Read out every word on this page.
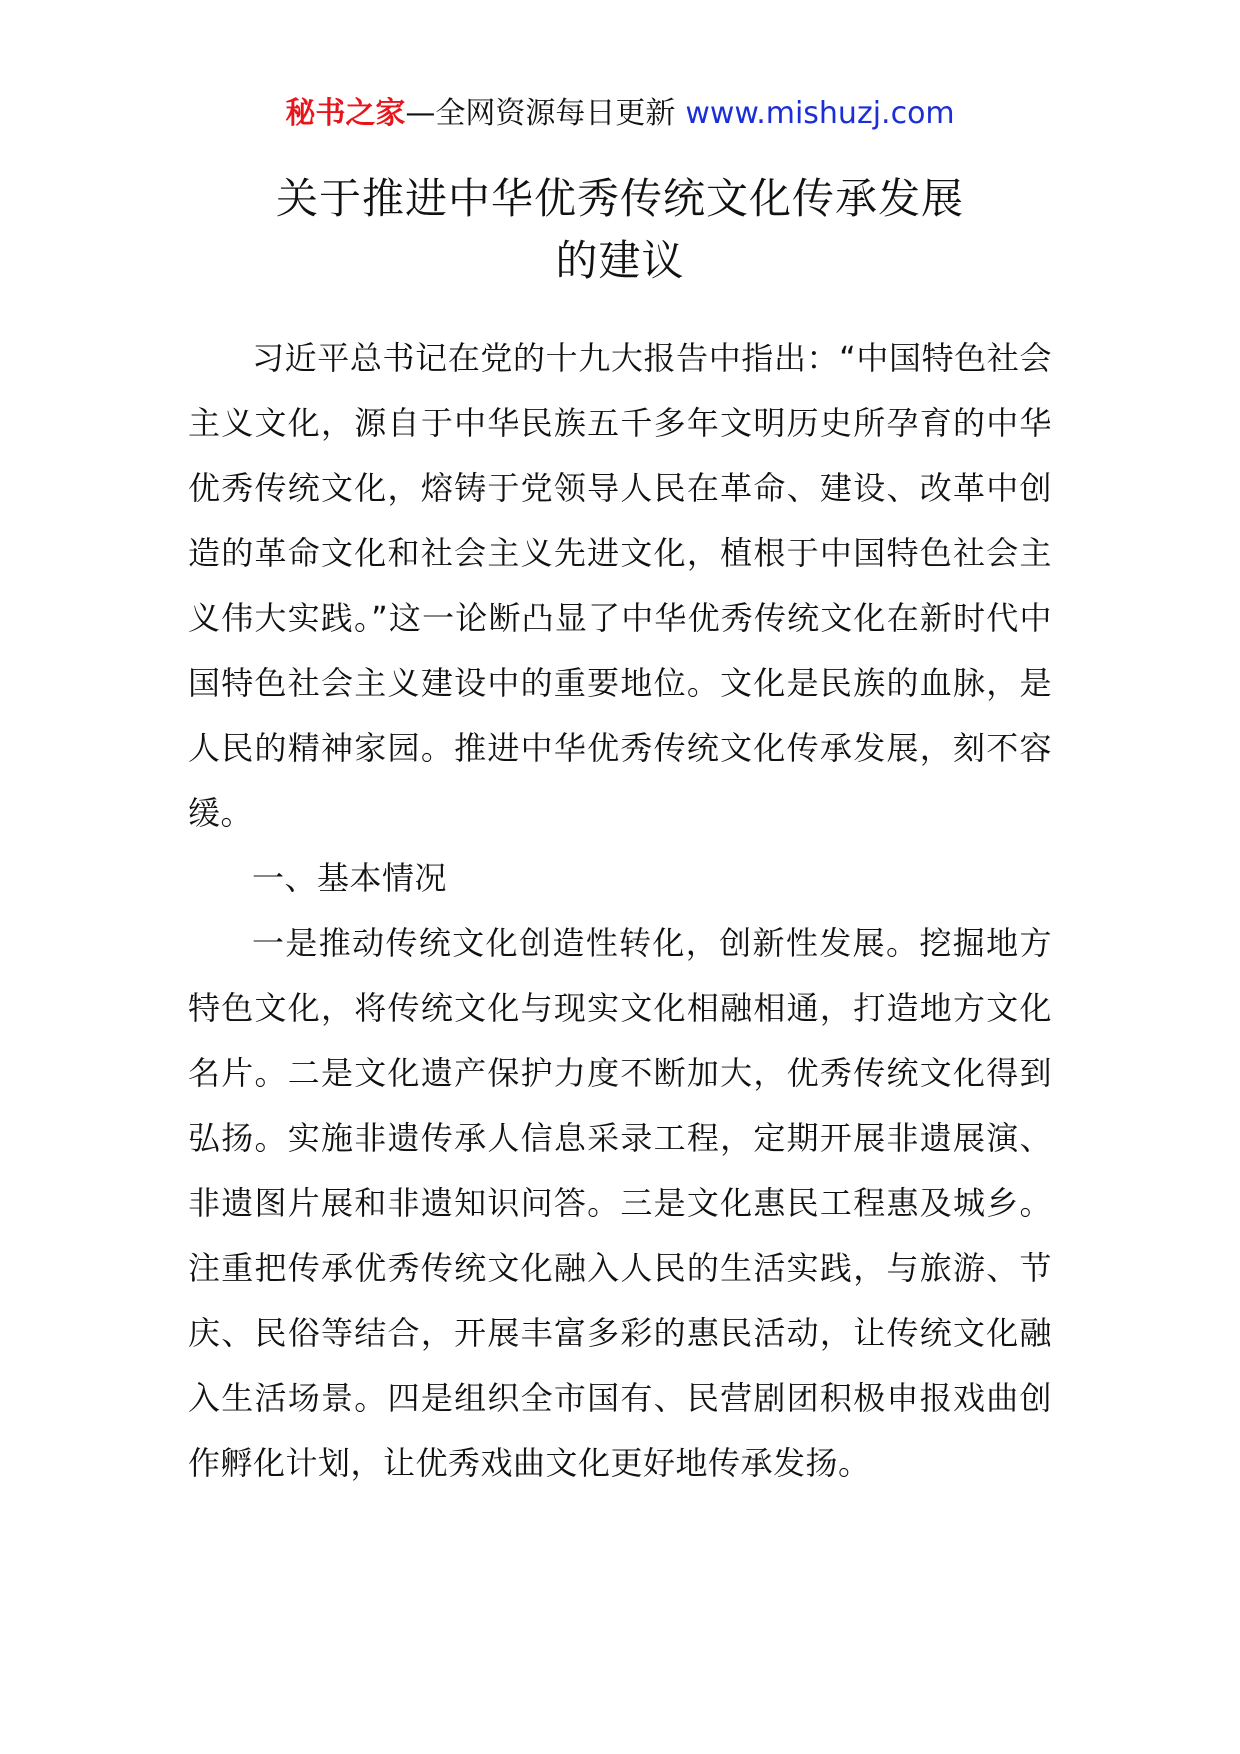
秘书之家—全网资源每日更新 www.mishuzj.com
关于推进中华优秀传统文化传承发展
的建议

习近平总书记在党的十九大报告中指出：“中国特色社会主义文化，源自于中华民族五千多年文明历史所孕育的中华优秀传统文化，熔铸于党领导人民在革命、建设、改革中创造的革命文化和社会主义先进文化，植根于中国特色社会主义伟大实践。”这一论断凸显了中华优秀传统文化在新时代中国特色社会主义建设中的重要地位。文化是民族的血脉，是人民的精神家园。推进中华优秀传统文化传承发展，刻不容缓。

一、基本情况

一是推动传统文化创造性转化，创新性发展。挖掘地方特色文化，将传统文化与现实文化相融相通，打造地方文化名片。二是文化遗产保护力度不断加大，优秀传统文化得到弘扬。实施非遗传承人信息采录工程，定期开展非遗展演、非遗图片展和非遗知识问答。三是文化惠民工程惠及城乡。注重把传承优秀传统文化融入人民的生活实践，与旅游、节庆、民俗等结合，开展丰富多彩的惠民活动，让传统文化融入生活场景。四是组织全市国有、民营剧团积极申报戏曲创作孵化计划，让优秀戏曲文化更好地传承发扬。
